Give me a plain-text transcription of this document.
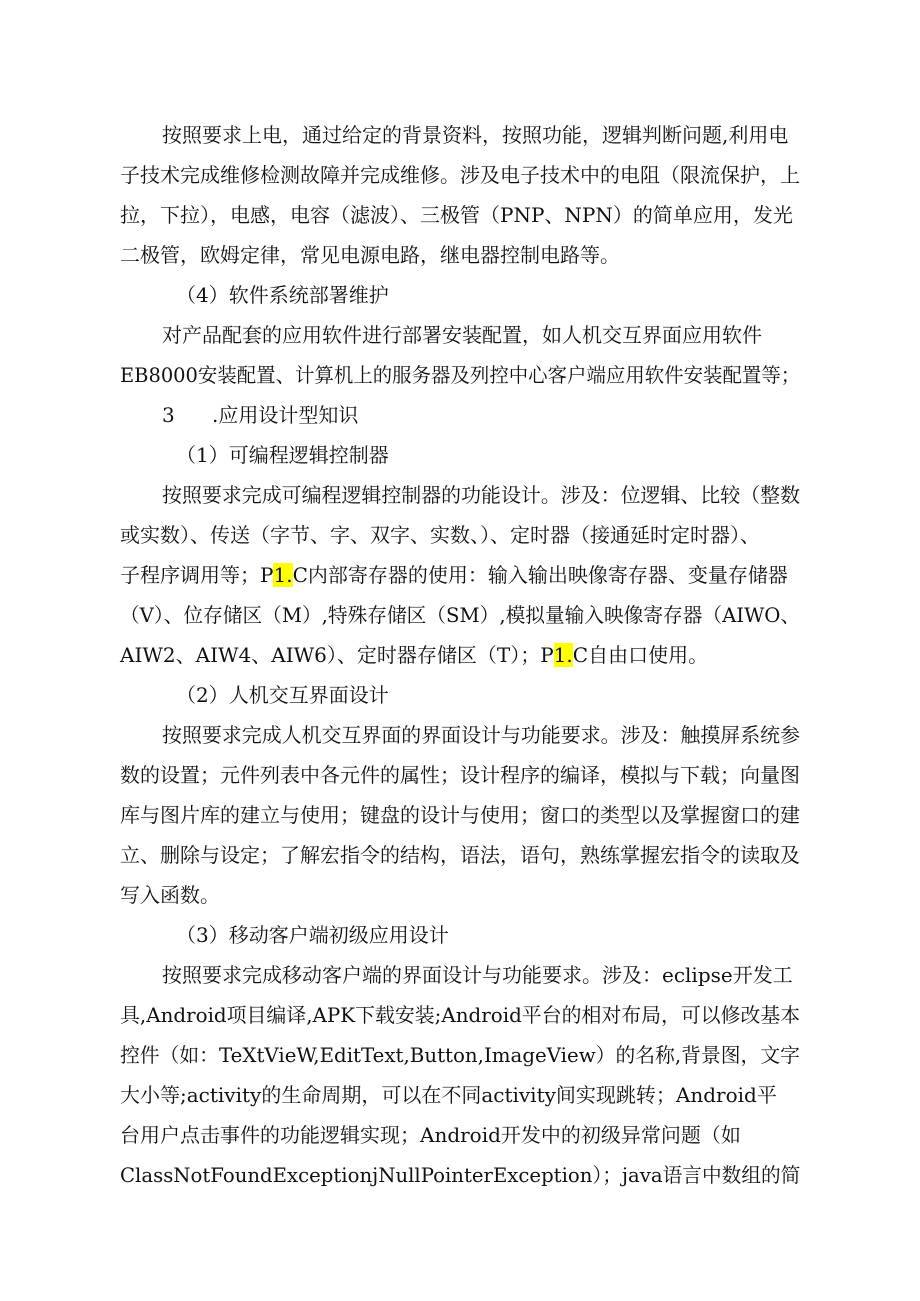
按照要求上电，通过给定的背景资料，按照功能，逻辑判断问题,利用电
子技术完成维修检测故障并完成维修。涉及电子技术中的电阻（限流保护，上
拉，下拉），电感，电容（滤波）、三极管（PNP、NPN）的简单应用，发光
二极管，欧姆定律，常见电源电路，继电器控制电路等。
（4）软件系统部署维护
对产品配套的应用软件进行部署安装配置，如人机交互界面应用软件
EB8000安装配置、计算机上的服务器及列控中心客户端应用软件安装配置等；
3 .应用设计型知识
（1）可编程逻辑控制器
按照要求完成可编程逻辑控制器的功能设计。涉及：位逻辑、比较（整数
或实数）、传送（字节、字、双字、实数、）、定时器（接通延时定时器）、
子程序调用等；P1.C内部寄存器的使用：输入输出映像寄存器、变量存储器
（V）、位存储区（M）,特殊存储区（SM）,模拟量输入映像寄存器（AIWO、
AIW2、AIW4、AIW6）、定时器存储区（T）；P1.C自由口使用。
（2）人机交互界面设计
按照要求完成人机交互界面的界面设计与功能要求。涉及：触摸屏系统参
数的设置；元件列表中各元件的属性；设计程序的编译，模拟与下载；向量图
库与图片库的建立与使用；键盘的设计与使用；窗口的类型以及掌握窗口的建
立、删除与设定；了解宏指令的结构，语法，语句，熟练掌握宏指令的读取及
写入函数。
（3）移动客户端初级应用设计
按照要求完成移动客户端的界面设计与功能要求。涉及：eclipse开发工
具,Android项目编译,APK下载安装;Android平台的相对布局，可以修改基本
控件（如：TeXtVieW,EditText,Button,ImageView）的名称,背景图，文字
大小等;activity的生命周期，可以在不同activity间实现跳转；Android平
台用户点击事件的功能逻辑实现；Android开发中的初级异常问题（如
ClassNotFoundExceptionjNullPointerException）；java语言中数组的简
